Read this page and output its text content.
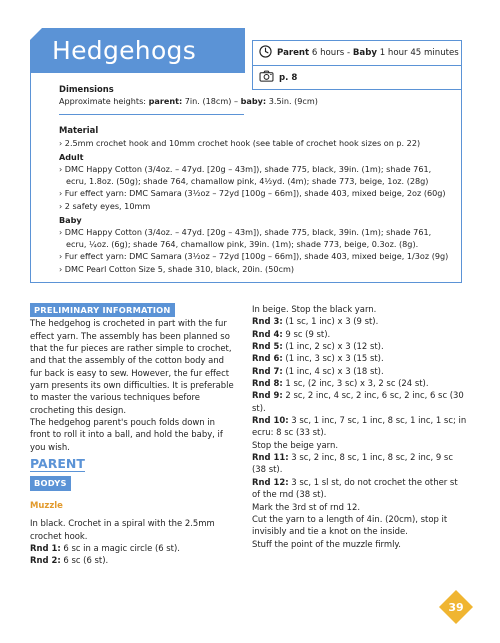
Hedgehogs	Parent
6 hours
-
Baby
1 hour 45 minutes
p. 8
Dimensions
Approximate heights: parent: 7in. (18cm) – baby: 3.5in. (9cm)
Material
› 2.5mm crochet hook and 10mm crochet hook (see table of crochet hook sizes on p. 22)
Adult
› DMC Happy Cotton (3/4oz. – 47yd. [20g – 43m]), shade 775, black, 39in. (1m); shade 761, ecru, 1.8oz. (50g); shade 764, chamallow pink, 4½yd. (4m); shade 773, beige, 1oz. (28g)
› Fur effect yarn: DMC Samara (3½oz – 72yd [100g – 66m]), shade 403, mixed beige, 2oz (60g)
› 2 safety eyes, 10mm
Baby
› DMC Happy Cotton (3/4oz. – 47yd. [20g – 43m]), shade 775, black, 39in. (1m); shade 761, ecru, ¼oz. (6g); shade 764, chamallow pink, 39in. (1m); shade 773, beige, 0.3oz. (8g).
› Fur effect yarn: DMC Samara (3½oz – 72yd [100g – 66m]), shade 403, mixed beige, 1/3oz (9g)
› DMC Pearl Cotton Size 5, shade 310, black, 20in. (50cm)
PRELIMINARY INFORMATION

The hedgehog is crocheted in part with the fur effect yarn. The assembly has been planned so that the fur pieces are rather simple to crochet, and that the assembly of the cotton body and fur back is easy to sew. However, the fur effect yarn presents its own difficulties. It is preferable to master the various techniques before crocheting this design.

The hedgehog parent's pouch folds down in front to roll it into a ball, and hold the baby, if you wish.

PARENT
BODYS
Muzzle

In black. Crochet in a spiral with the 2.5mm crochet hook.

Rnd 1: 6 sc in a magic circle (6 st).

Rnd 2: 6 sc (6 st).

In beige. Stop the black yarn.

Rnd 3: (1 sc, 1 inc) x 3 (9 st).

Rnd 4: 9 sc (9 st).

Rnd 5: (1 inc, 2 sc) x 3 (12 st).

Rnd 6: (1 inc, 3 sc) x 3 (15 st).

Rnd 7: (1 inc, 4 sc) x 3 (18 st).

Rnd 8: 1 sc, (2 inc, 3 sc) x 3, 2 sc (24 st).

Rnd 9: 2 sc, 2 inc, 4 sc, 2 inc, 6 sc, 2 inc, 6 sc (30 st).

Rnd 10: 3 sc, 1 inc, 7 sc, 1 inc, 8 sc, 1 inc, 1 sc; in ecru: 8 sc (33 st).

Stop the beige yarn.

Rnd 11: 3 sc, 2 inc, 8 sc, 1 inc, 8 sc, 2 inc, 9 sc (38 st).

Rnd 12: 3 sc, 1 sl st, do not crochet the other st of the rnd (38 st).

Mark the 3rd st of rnd 12.

Cut the yarn to a length of 4in. (20cm), stop it invisibly and tie a knot on the inside.

Stuff the point of the muzzle firmly.

39
